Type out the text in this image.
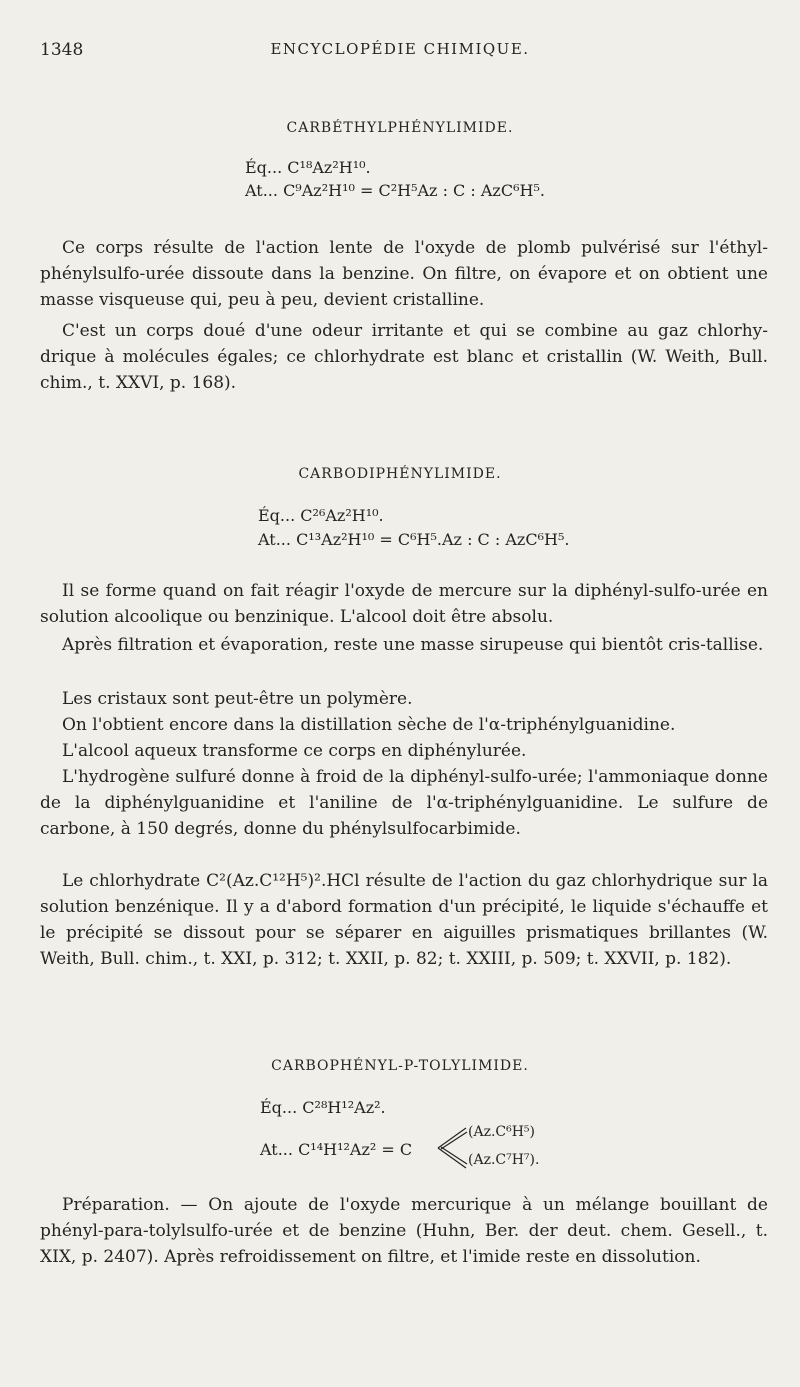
1348	ENCYCLOPÉDIE CHIMIQUE.
CARBÉTHYLPHÉNYLIMIDE.
Éq... C¹⁸Az²H¹⁰.
At... C⁹Az²H¹⁰ = C²H⁵Az : C : AzC⁶H⁵.

Ce corps résulte de l'action lente de l'oxyde de plomb pulvérisé sur l'éthyl-phénylsulfo-urée dissoute dans la benzine. On filtre, on évapore et on obtient une masse visqueuse qui, peu à peu, devient cristalline.

C'est un corps doué d'une odeur irritante et qui se combine au gaz chlorhy-drique à molécules égales; ce chlorhydrate est blanc et cristallin (W. Weith, Bull. chim., t. XXVI, p. 168).

CARBODIPHÉNYLIMIDE.
Éq... C²⁶Az²H¹⁰.
At... C¹³Az²H¹⁰ = C⁶H⁵.Az : C : AzC⁶H⁵.

Il se forme quand on fait réagir l'oxyde de mercure sur la diphényl-sulfo-urée en solution alcoolique ou benzinique. L'alcool doit être absolu.

Après filtration et évaporation, reste une masse sirupeuse qui bientôt cris-tallise.

Les cristaux sont peut-être un polymère.

On l'obtient encore dans la distillation sèche de l'α-triphénylguanidine.

L'alcool aqueux transforme ce corps en diphénylurée.

L'hydrogène sulfuré donne à froid de la diphényl-sulfo-urée; l'ammoniaque donne de la diphénylguanidine et l'aniline de l'α-triphénylguanidine. Le sulfure de carbone, à 150 degrés, donne du phénylsulfocarbimide.

Le chlorhydrate C²(Az.C¹²H⁵)².HCl résulte de l'action du gaz chlorhydrique sur la solution benzénique. Il y a d'abord formation d'un précipité, le liquide s'échauffe et le précipité se dissout pour se séparer en aiguilles prismatiques brillantes (W. Weith, Bull. chim., t. XXI, p. 312; t. XXII, p. 82; t. XXIII, p. 509; t. XXVII, p. 182).

CARBOPHÉNYL-P-TOLYLIMIDE.
Éq... C²⁸H¹²Az².
At... C¹⁴H¹²Az² = C
(Az.C⁶H⁵)
(Az.C⁷H⁷).

Préparation. — On ajoute de l'oxyde mercurique à un mélange bouillant de phényl-para-tolylsulfo-urée et de benzine (Huhn, Ber. der deut. chem. Gesell., t. XIX, p. 2407). Après refroidissement on filtre, et l'imide reste en dissolution.
